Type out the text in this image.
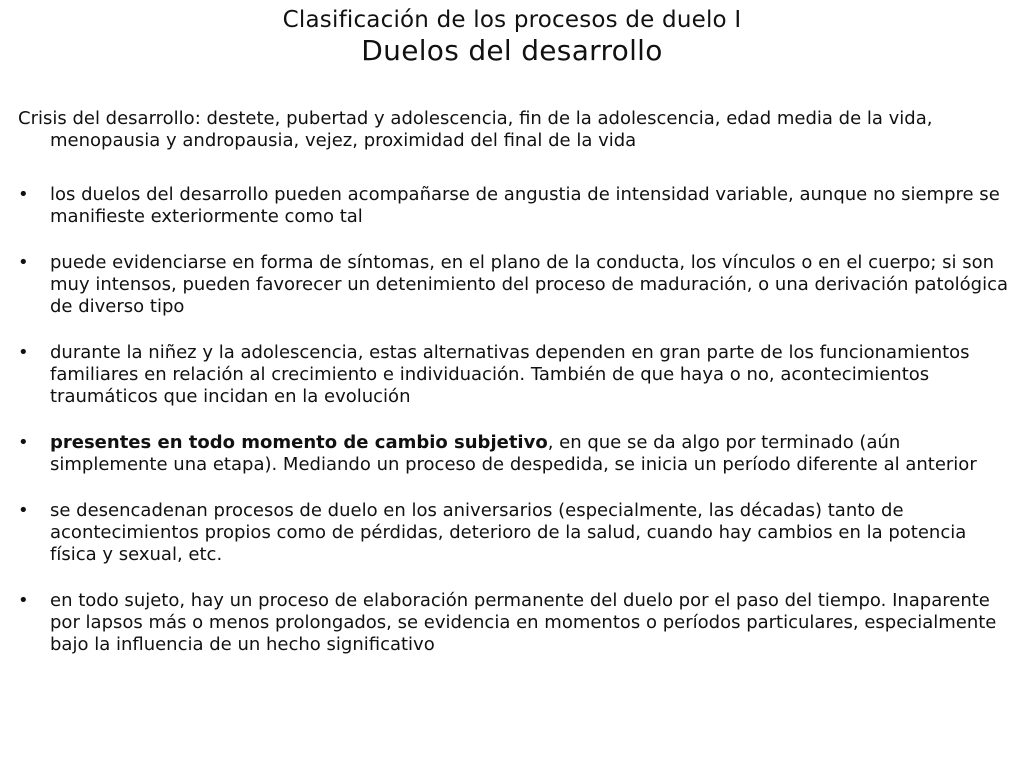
Clasificación de los procesos de duelo I
Duelos del desarrollo
Crisis del desarrollo: destete, pubertad y adolescencia, fin de la adolescencia, edad media de la vida, menopausia y andropausia, vejez, proximidad del final de la vida
•	los duelos del desarrollo pueden acompañarse de angustia de intensidad variable, aunque no siempre se manifieste exteriormente como tal
•	puede evidenciarse en forma de síntomas, en el plano de la conducta, los vínculos o en el cuerpo; si son muy intensos, pueden favorecer un detenimiento del proceso de maduración, o una derivación patológica de diverso tipo
•	durante la niñez y la adolescencia, estas alternativas dependen en gran parte de los funcionamientos familiares en relación al crecimiento e individuación. También de que haya o no, acontecimientos traumáticos que incidan en la evolución
•	presentes en todo momento de cambio subjetivo, en que se da algo por terminado (aún simplemente una etapa). Mediando un proceso de despedida, se inicia un período diferente al anterior
•	se desencadenan procesos de duelo en los aniversarios (especialmente, las décadas) tanto de acontecimientos propios como de pérdidas, deterioro de la salud, cuando hay cambios en la potencia física y sexual, etc.
•	en todo sujeto, hay un proceso de elaboración permanente del duelo por el paso del tiempo. Inaparente por lapsos más o menos prolongados, se evidencia en momentos o períodos particulares, especialmente bajo la influencia de un hecho significativo
